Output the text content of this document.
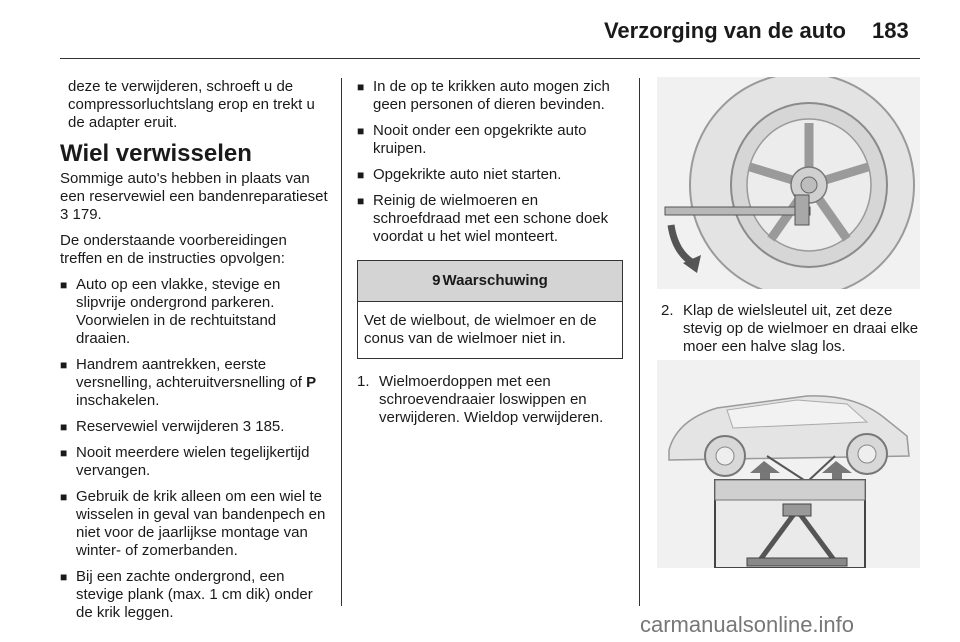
Verzorging van de auto 183

deze te verwijderen, schroeft u de compressorluchtslang erop en trekt u de adapter eruit.

Wiel verwisselen

Sommige auto's hebben in plaats van een reservewiel een bandenreparatieset 3 179.

De onderstaande voorbereidingen treffen en de instructies opvolgen:

■ Auto op een vlakke, stevige en slipvrije ondergrond parkeren. Voorwielen in de rechtuitstand draaien.
■ Handrem aantrekken, eerste versnelling, achteruitversnelling of P inschakelen.
■ Reservewiel verwijderen 3 185.
■ Nooit meerdere wielen tegelijkertijd vervangen.
■ Gebruik de krik alleen om een wiel te wisselen in geval van bandenpech en niet voor de jaarlijkse montage van winter- of zomerbanden.
■ Bij een zachte ondergrond, een stevige plank (max. 1 cm dik) onder de krik leggen.
■ In de op te krikken auto mogen zich geen personen of dieren bevinden.
■ Nooit onder een opgekrikte auto kruipen.
■ Opgekrikte auto niet starten.
■ Reinig de wielmoeren en schroefdraad met een schone doek voordat u het wiel monteert.
9 Waarschuwing
Vet de wielbout, de wielmoer en de conus van de wielmoer niet in.
1. Wielmoerdoppen met een schroevendraaier loswippen en verwijderen. Wieldop verwijderen.
2. Klap de wielsleutel uit, zet deze stevig op de wielmoer en draai elke moer een halve slag los.
carmanualsonline.info
